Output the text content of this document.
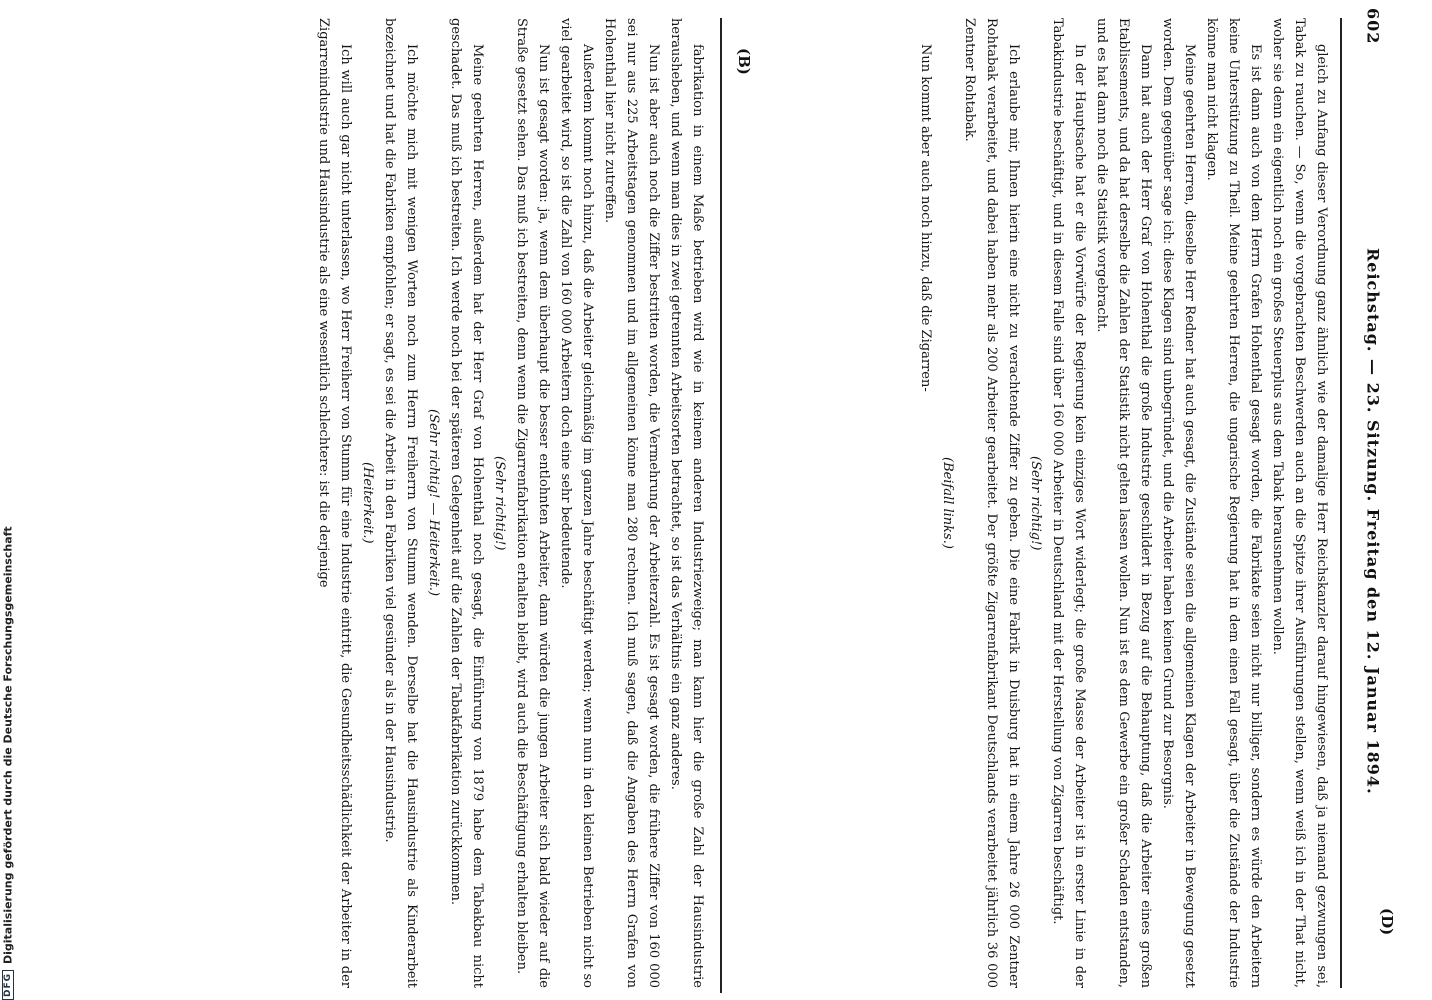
602
Reichstag. — 23. Sitzung. Freitag den 12. Januar 1894.

gleich zu Anfang dieser Verordnung ganz ähnlich wie der damalige Herr Reichskanzler darauf hingewiesen, daß ja niemand gezwungen sei, Tabak zu rauchen. — So, wenn die vorgebrachten Beschwerden auch an die Spitze ihrer Ausführungen stellen, wenn weiß ich in der That nicht, woher sie denn ein eigentlich noch ein großes Steuerplus aus dem Tabak herausnehmen wollen.

Es ist dann auch von dem Herrn Grafen Hohenthal gesagt worden, die Fabrikate seien nicht nur billiger, sondern es würde den Arbeitern keine Unterstützung zu Theil. Meine geehrten Herren, die ungarische Regierung hat in dem einen Fall gesagt, über die Zustände der Industrie könne man nicht klagen.

Meine geehrten Herren, dieselbe Herr Redner hat auch gesagt, die Zustände seien die allgemeinen Klagen der Arbeiter in Bewegung gesetzt worden. Dem gegenüber sage ich: diese Klagen sind unbegründet, und die Arbeiter haben keinen Grund zur Besorgnis.

Dann hat auch der Herr Graf von Hohenthal die große Industrie geschildert in Bezug auf die Behauptung, daß die Arbeiter eines großen Etablissements, und da hat derselbe die Zahlen der Statistik nicht gelten lassen wollen. Nun ist es dem Gewerbe ein großer Schaden entstanden, und es hat dann noch die Statistik vorgebracht.

In der Hauptsache hat er die Vorwürfe der Regierung kein einziges Wort widerlegt; die große Masse der Arbeiter ist in erster Linie in der Tabakindustrie beschäftigt, und in diesem Falle sind über 160 000 Arbeiter in Deutschland mit der Herstellung von Zigarren beschäftigt.

(Sehr richtig!)

Ich erlaube mir, Ihnen hierin eine nicht zu verachtende Ziffer zu geben. Die eine Fabrik in Duisburg hat in einem Jahre 26 000 Zentner Rohtabak verarbeitet, und dabei haben mehr als 200 Arbeiter gearbeitet. Der größte Zigarrenfabrikant Deutschlands verarbeitet jährlich 36 000 Zentner Rohtabak.

(Beifall links.)

Nun kommt aber auch noch hinzu, daß die Zigarren-

fabrikation in einem Maße betrieben wird wie in keinem anderen Industriezweige; man kann hier die große Zahl der Hausindustrie herausheben, und wenn man dies in zwei getrennten Arbeitsorten betrachtet, so ist das Verhältnis ein ganz anderes.

Nun ist aber auch noch die Ziffer bestritten worden, die Vermehrung der Arbeiterzahl. Es ist gesagt worden, die frühere Ziffer von 160 000 sei nur aus 225 Arbeitstagen genommen und im allgemeinen könne man 280 rechnen. Ich muß sagen, daß die Angaben des Herrn Grafen von Hohenthal hier nicht zutreffen.

Außerdem kommt noch hinzu, daß die Arbeiter gleichmäßig im ganzen Jahre beschäftigt werden; wenn nun in den kleinen Betrieben nicht so viel gearbeitet wird, so ist die Zahl von 160 000 Arbeitern doch eine sehr bedeutende.

Nun ist gesagt worden: ja, wenn dem überhaupt die besser entlohnten Arbeiter, dann würden die jungen Arbeiter sich bald wieder auf die Straße gesetzt sehen. Das muß ich bestreiten, denn wenn die Zigarrenfabrikation erhalten bleibt, wird auch die Beschäftigung erhalten bleiben.

(Sehr richtig!)

Meine geehrten Herren, außerdem hat der Herr Graf von Hohenthal noch gesagt, die Einführung von 1879 habe dem Tabakbau nicht geschadet. Das muß ich bestreiten. Ich werde noch bei der späteren Gelegenheit auf die Zahlen der Tabakfabrikation zurückkommen.

(Sehr richtig! — Heiterkeit.)

Ich möchte mich mit wenigen Worten noch zum Herrn Freiherrn von Stumm wenden. Derselbe hat die Hausindustrie als Kinderarbeit bezeichnet und hat die Fabriken empfohlen; er sagt, es sei die Arbeit in den Fabriken viel gesünder als in der Hausindustrie.

(Heiterkeit.)

Ich will auch gar nicht unterlassen, wo Herr Freiherr von Stumm für eine Industrie eintritt, die Gesundheitsschädlichkeit der Arbeiter in der Zigarrenindustrie und Hausindustrie als eine wesentlich schlechtere: ist die derjenige	(B)
(D)
DFG
Digitalisierung gefördert durch die Deutsche Forschungsgemeinschaft
